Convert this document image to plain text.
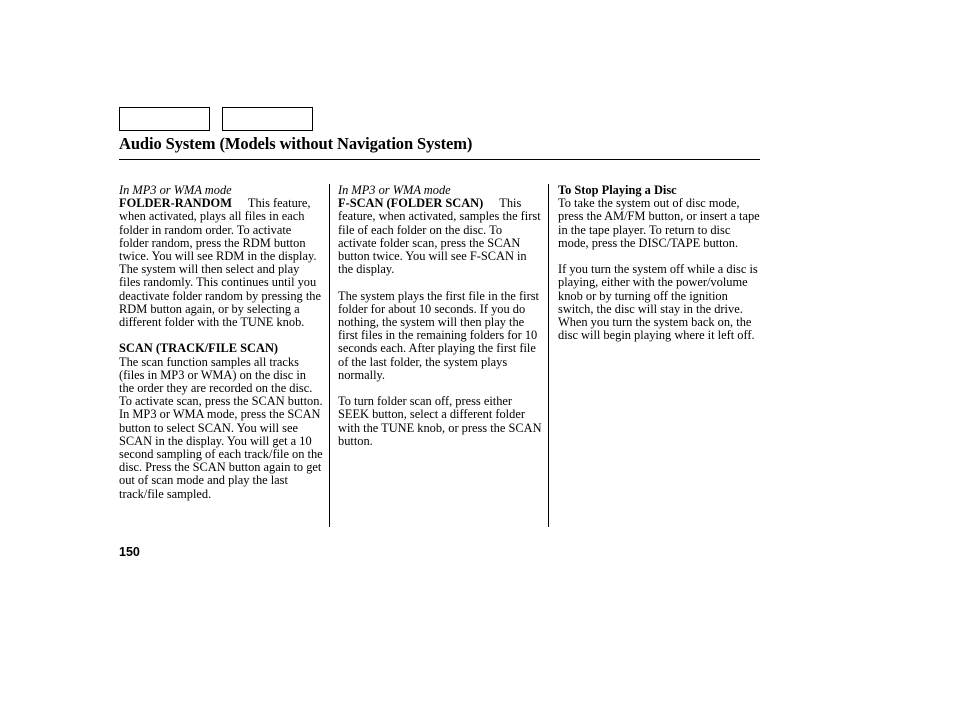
Audio System (Models without Navigation System)

In MP3 or WMA mode
FOLDER-RANDOM This feature, when activated, plays all files in each folder in random order. To activate folder random, press the RDM button twice. You will see RDM in the display. The system will then select and play files randomly. This continues until you deactivate folder random by pressing the RDM button again, or by selecting a different folder with the TUNE knob.

SCAN (TRACK/FILE SCAN)
The scan function samples all tracks (files in MP3 or WMA) on the disc in the order they are recorded on the disc. To activate scan, press the SCAN button. In MP3 or WMA mode, press the SCAN button to select SCAN. You will see SCAN in the display. You will get a 10 second sampling of each track/file on the disc. Press the SCAN button again to get out of scan mode and play the last track/file sampled.

In MP3 or WMA mode
F-SCAN (FOLDER SCAN) This feature, when activated, samples the first file of each folder on the disc. To activate folder scan, press the SCAN button twice. You will see F-SCAN in the display.

The system plays the first file in the first folder for about 10 seconds. If you do nothing, the system will then play the first files in the remaining folders for 10 seconds each. After playing the first file of the last folder, the system plays normally.

To turn folder scan off, press either SEEK button, select a different folder with the TUNE knob, or press the SCAN button.

To Stop Playing a Disc
To take the system out of disc mode, press the AM/FM button, or insert a tape in the tape player. To return to disc mode, press the DISC/TAPE button.

If you turn the system off while a disc is playing, either with the power/volume knob or by turning off the ignition switch, the disc will stay in the drive. When you turn the system back on, the disc will begin playing where it left off.

150
